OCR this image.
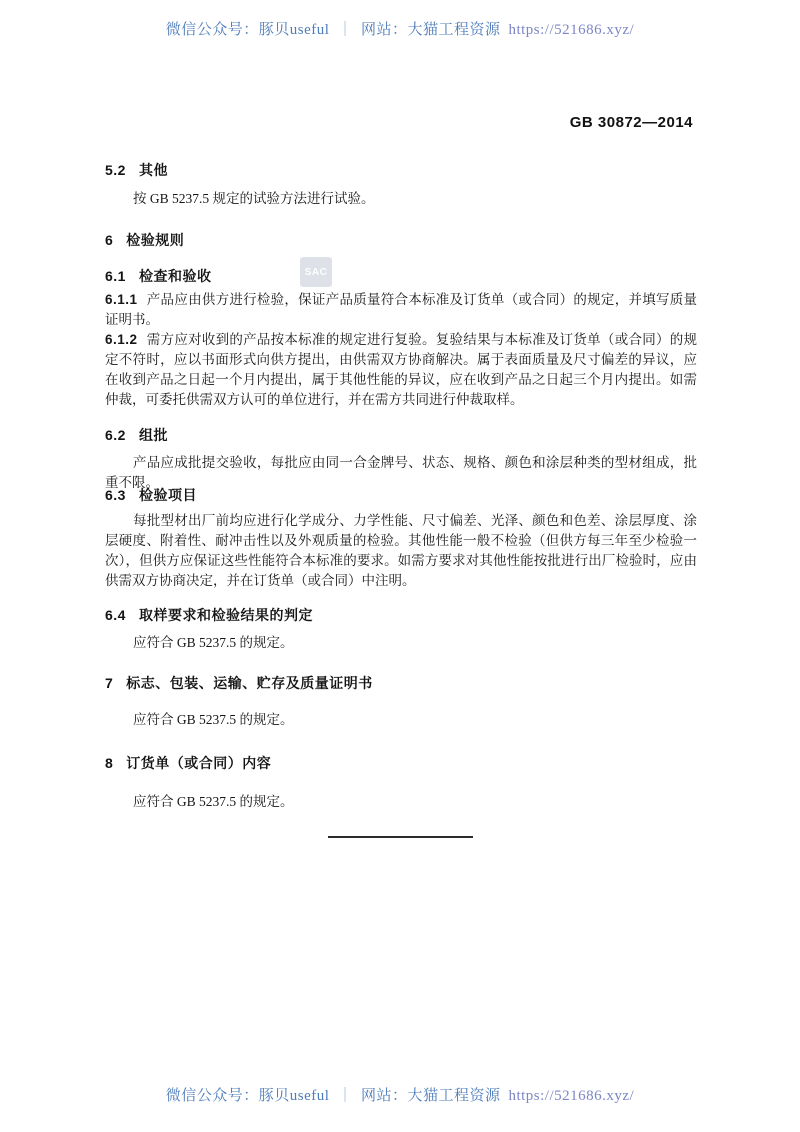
微信公众号：豚贝useful ｜ 网站：大猫工程资源 https://521686.xyz/
GB 30872—2014
5.2 其他

按 GB 5237.5 规定的试验方法进行试验。

6 检验规则
6.1 检查和验收	SAC

6.1.1 产品应由供方进行检验，保证产品质量符合本标准及订货单（或合同）的规定，并填写质量证明书。

6.1.2 需方应对收到的产品按本标准的规定进行复验。复验结果与本标准及订货单（或合同）的规定不符时，应以书面形式向供方提出，由供需双方协商解决。属于表面质量及尺寸偏差的异议，应在收到产品之日起一个月内提出，属于其他性能的异议，应在收到产品之日起三个月内提出。如需仲裁，可委托供需双方认可的单位进行，并在需方共同进行仲裁取样。

6.2 组批

产品应成批提交验收，每批应由同一合金牌号、状态、规格、颜色和涂层种类的型材组成，批重不限。

6.3 检验项目

每批型材出厂前均应进行化学成分、力学性能、尺寸偏差、光泽、颜色和色差、涂层厚度、涂层硬度、附着性、耐冲击性以及外观质量的检验。其他性能一般不检验（但供方每三年至少检验一次），但供方应保证这些性能符合本标准的要求。如需方要求对其他性能按批进行出厂检验时，应由供需双方协商决定，并在订货单（或合同）中注明。

6.4 取样要求和检验结果的判定

应符合 GB 5237.5 的规定。

7 标志、包装、运输、贮存及质量证明书

应符合 GB 5237.5 的规定。

8 订货单（或合同）内容

应符合 GB 5237.5 的规定。

微信公众号：豚贝useful ｜ 网站：大猫工程资源 https://521686.xyz/
